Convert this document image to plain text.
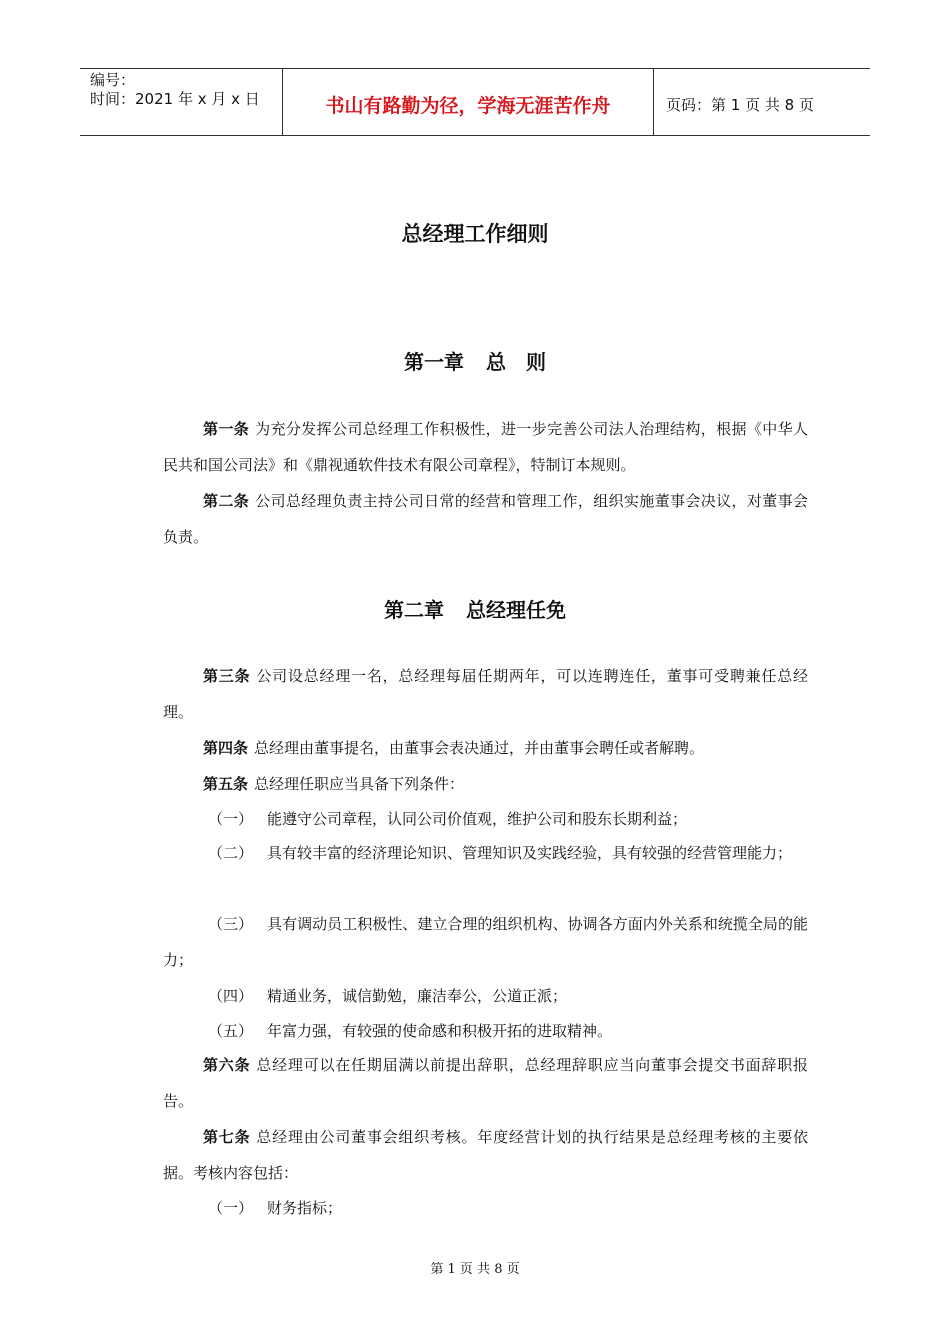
编号：
时间：2021 年 x 月 x 日	书山有路勤为径，学海无涯苦作舟	页码：第 1 页 共 8 页
总经理工作细则
第一章 总　则
第一条 为充分发挥公司总经理工作积极性，进一步完善公司法人治理结构，根据《中华人民共和国公司法》和《鼎视通软件技术有限公司章程》，特制订本规则。
第二条 公司总经理负责主持公司日常的经营和管理工作，组织实施董事会决议，对董事会负责。
第二章 总经理任免
第三条 公司设总经理一名，总经理每届任期两年，可以连聘连任，董事可受聘兼任总经理。
第四条 总经理由董事提名，由董事会表决通过，并由董事会聘任或者解聘。
第五条 总经理任职应当具备下列条件：
（一） 能遵守公司章程，认同公司价值观，维护公司和股东长期利益；
（二） 具有较丰富的经济理论知识、管理知识及实践经验，具有较强的经营管理能力；
（三） 具有调动员工积极性、建立合理的组织机构、协调各方面内外关系和统揽全局的能力；
（四） 精通业务，诚信勤勉，廉洁奉公，公道正派；
（五） 年富力强，有较强的使命感和积极开拓的进取精神。
第六条 总经理可以在任期届满以前提出辞职，总经理辞职应当向董事会提交书面辞职报告。
第七条 总经理由公司董事会组织考核。年度经营计划的执行结果是总经理考核的主要依据。考核内容包括：
（一） 财务指标；
第 1 页 共 8 页
